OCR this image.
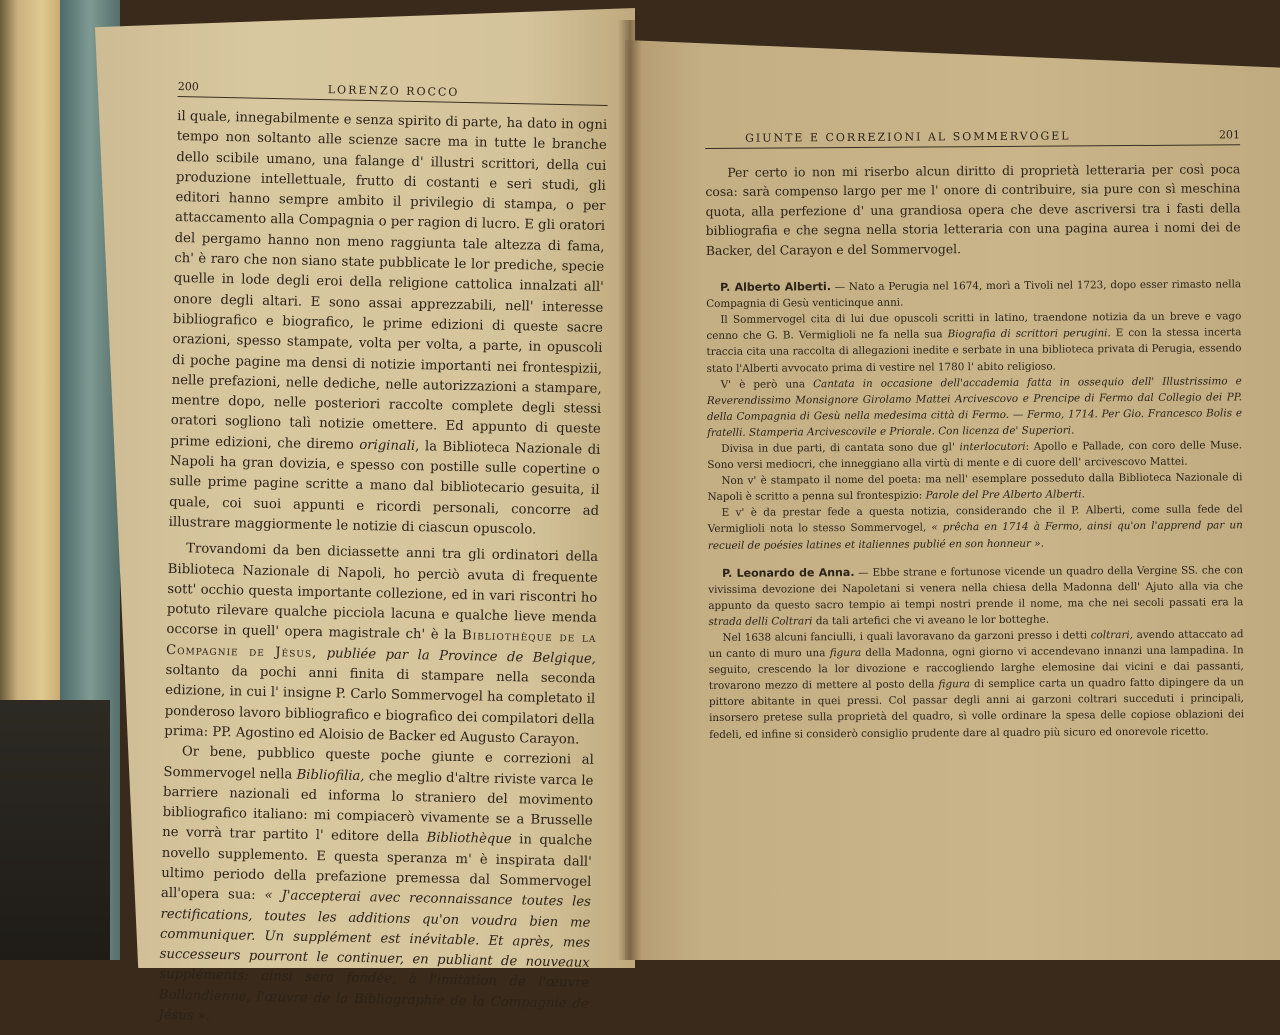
200	LORENZO ROCCO

il quale, innegabilmente e senza spirito di parte, ha dato in ogni tempo non soltanto alle scienze sacre ma in tutte le branche dello scibile umano, una falange d' illustri scrittori, della cui produzione intellettuale, frutto di costanti e seri studi, gli editori hanno sempre ambito il privilegio di stampa, o per attaccamento alla Compagnia o per ragion di lucro. E gli oratori del pergamo hanno non meno raggiunta tale altezza di fama, ch' è raro che non siano state pubblicate le lor prediche, specie quelle in lode degli eroi della religione cattolica innalzati all' onore degli altari. E sono assai apprezzabili, nell' interesse bibliografico e biografico, le prime edizioni di queste sacre orazioni, spesso stampate, volta per volta, a parte, in opuscoli di poche pagine ma densi di notizie importanti nei frontespizii, nelle prefazioni, nelle dediche, nelle autorizzazioni a stampare, mentre dopo, nelle posteriori raccolte complete degli stessi oratori sogliono talì notizie omettere. Ed appunto di queste prime edizioni, che diremo originali, la Biblioteca Nazionale di Napoli ha gran dovizia, e spesso con postille sulle copertine o sulle prime pagine scritte a mano dal bibliotecario gesuita, il quale, coi suoi appunti e ricordi personali, concorre ad illustrare maggiormente le notizie di ciascun opuscolo.

Trovandomi da ben diciassette anni tra gli ordinatori della Biblioteca Nazionale di Napoli, ho perciò avuta di frequente sott' occhio questa importante collezione, ed in vari riscontri ho potuto rilevare qualche picciola lacuna e qualche lieve menda occorse in quell' opera magistrale ch' è la Bibliothèque de la Compagnie de Jésus, publiée par la Province de Belgique, soltanto da pochi anni finita di stampare nella seconda edizione, in cui l' insigne P. Carlo Sommervogel ha completato il ponderoso lavoro bibliografico e biografico dei compilatori della prima: PP. Agostino ed Aloisio de Backer ed Augusto Carayon.

Or bene, pubblico queste poche giunte e correzioni al Sommervogel nella Bibliofilia, che meglio d'altre riviste varca le barriere nazionali ed informa lo straniero del movimento bibliografico italiano: mi compiacerò vivamente se a Brusselle ne vorrà trar partito l' editore della Bibliothèque in qualche novello supplemento. E questa speranza m' è inspirata dall' ultimo periodo della prefazione premessa dal Sommervogel all'opera sua: « J'accepterai avec reconnaissance toutes les rectifications, toutes les additions qu'on voudra bien me communiquer. Un supplément est inévitable. Et après, mes successeurs pourront le continuer, en publiant de nouveaux suppléments: ainsi sera fondée, à l'imitation de l'œuvre Bollandienne, l'œuvre de la Bibliographie de la Compagnie de Jésus ».

GIUNTE E CORREZIONI AL SOMMERVOGEL	201

Per certo io non mi riserbo alcun diritto di proprietà letteraria per così poca cosa: sarà compenso largo per me l' onore di contribuire, sia pure con sì meschina quota, alla perfezione d' una grandiosa opera che deve ascriversi tra i fasti della bibliografia e che segna nella storia letteraria con una pagina aurea i nomi dei de Backer, del Carayon e del Sommervogel.

P. Alberto Alberti. — Nato a Perugia nel 1674, morì a Tivoli nel 1723, dopo esser rimasto nella Compagnia di Gesù venticinque anni.

Il Sommervogel cita di lui due opuscoli scritti in latino, traendone notizia da un breve e vago cenno che G. B. Vermiglioli ne fa nella sua Biografia di scrittori perugini. E con la stessa incerta traccia cita una raccolta di allegazioni inedite e serbate in una biblioteca privata di Perugia, essendo stato l'Alberti avvocato prima di vestire nel 1780 l' abito religioso.

V' è però una Cantata in occasione dell'accademia fatta in ossequio dell' Illustrissimo e Reverendissimo Monsignore Girolamo Mattei Arcivescovo e Prencipe di Fermo dal Collegio dei PP. della Compagnia di Gesù nella medesima città di Fermo. — Fermo, 1714. Per Gio. Francesco Bolis e fratelli. Stamperia Arcivescovile e Priorale. Con licenza de' Superiori.

Divisa in due parti, di cantata sono due gl' interlocutori: Apollo e Pallade, con coro delle Muse. Sono versi mediocri, che inneggiano alla virtù di mente e di cuore dell' arcivescovo Mattei.

Non v' è stampato il nome del poeta: ma nell' esemplare posseduto dalla Biblioteca Nazionale di Napoli è scritto a penna sul frontespizio: Parole del Pre Alberto Alberti.

E v' è da prestar fede a questa notizia, considerando che il P. Alberti, come sulla fede del Vermiglioli nota lo stesso Sommervogel, « prêcha en 1714 à Fermo, ainsi qu'on l'apprend par un recueil de poésies latines et italiennes publié en son honneur ».

P. Leonardo de Anna. — Ebbe strane e fortunose vicende un quadro della Vergine SS. che con vivissima devozione dei Napoletani si venera nella chiesa della Madonna dell' Ajuto alla via che appunto da questo sacro tempio ai tempi nostri prende il nome, ma che nei secoli passati era la strada delli Coltrari da tali artefici che vi aveano le lor botteghe.

Nel 1638 alcuni fanciulli, i quali lavoravano da garzoni presso i detti coltrari, avendo attaccato ad un canto di muro una figura della Madonna, ogni giorno vi accendevano innanzi una lampadina. In seguito, crescendo la lor divozione e raccogliendo larghe elemosine dai vicini e dai passanti, trovarono mezzo di mettere al posto della figura di semplice carta un quadro fatto dipingere da un pittore abitante in quei pressi. Col passar degli anni ai garzoni coltrari succeduti i principali, insorsero pretese sulla proprietà del quadro, sì volle ordinare la spesa delle copiose oblazioni dei fedeli, ed infine si considerò consiglio prudente dare al quadro più sicuro ed onorevole ricetto.
